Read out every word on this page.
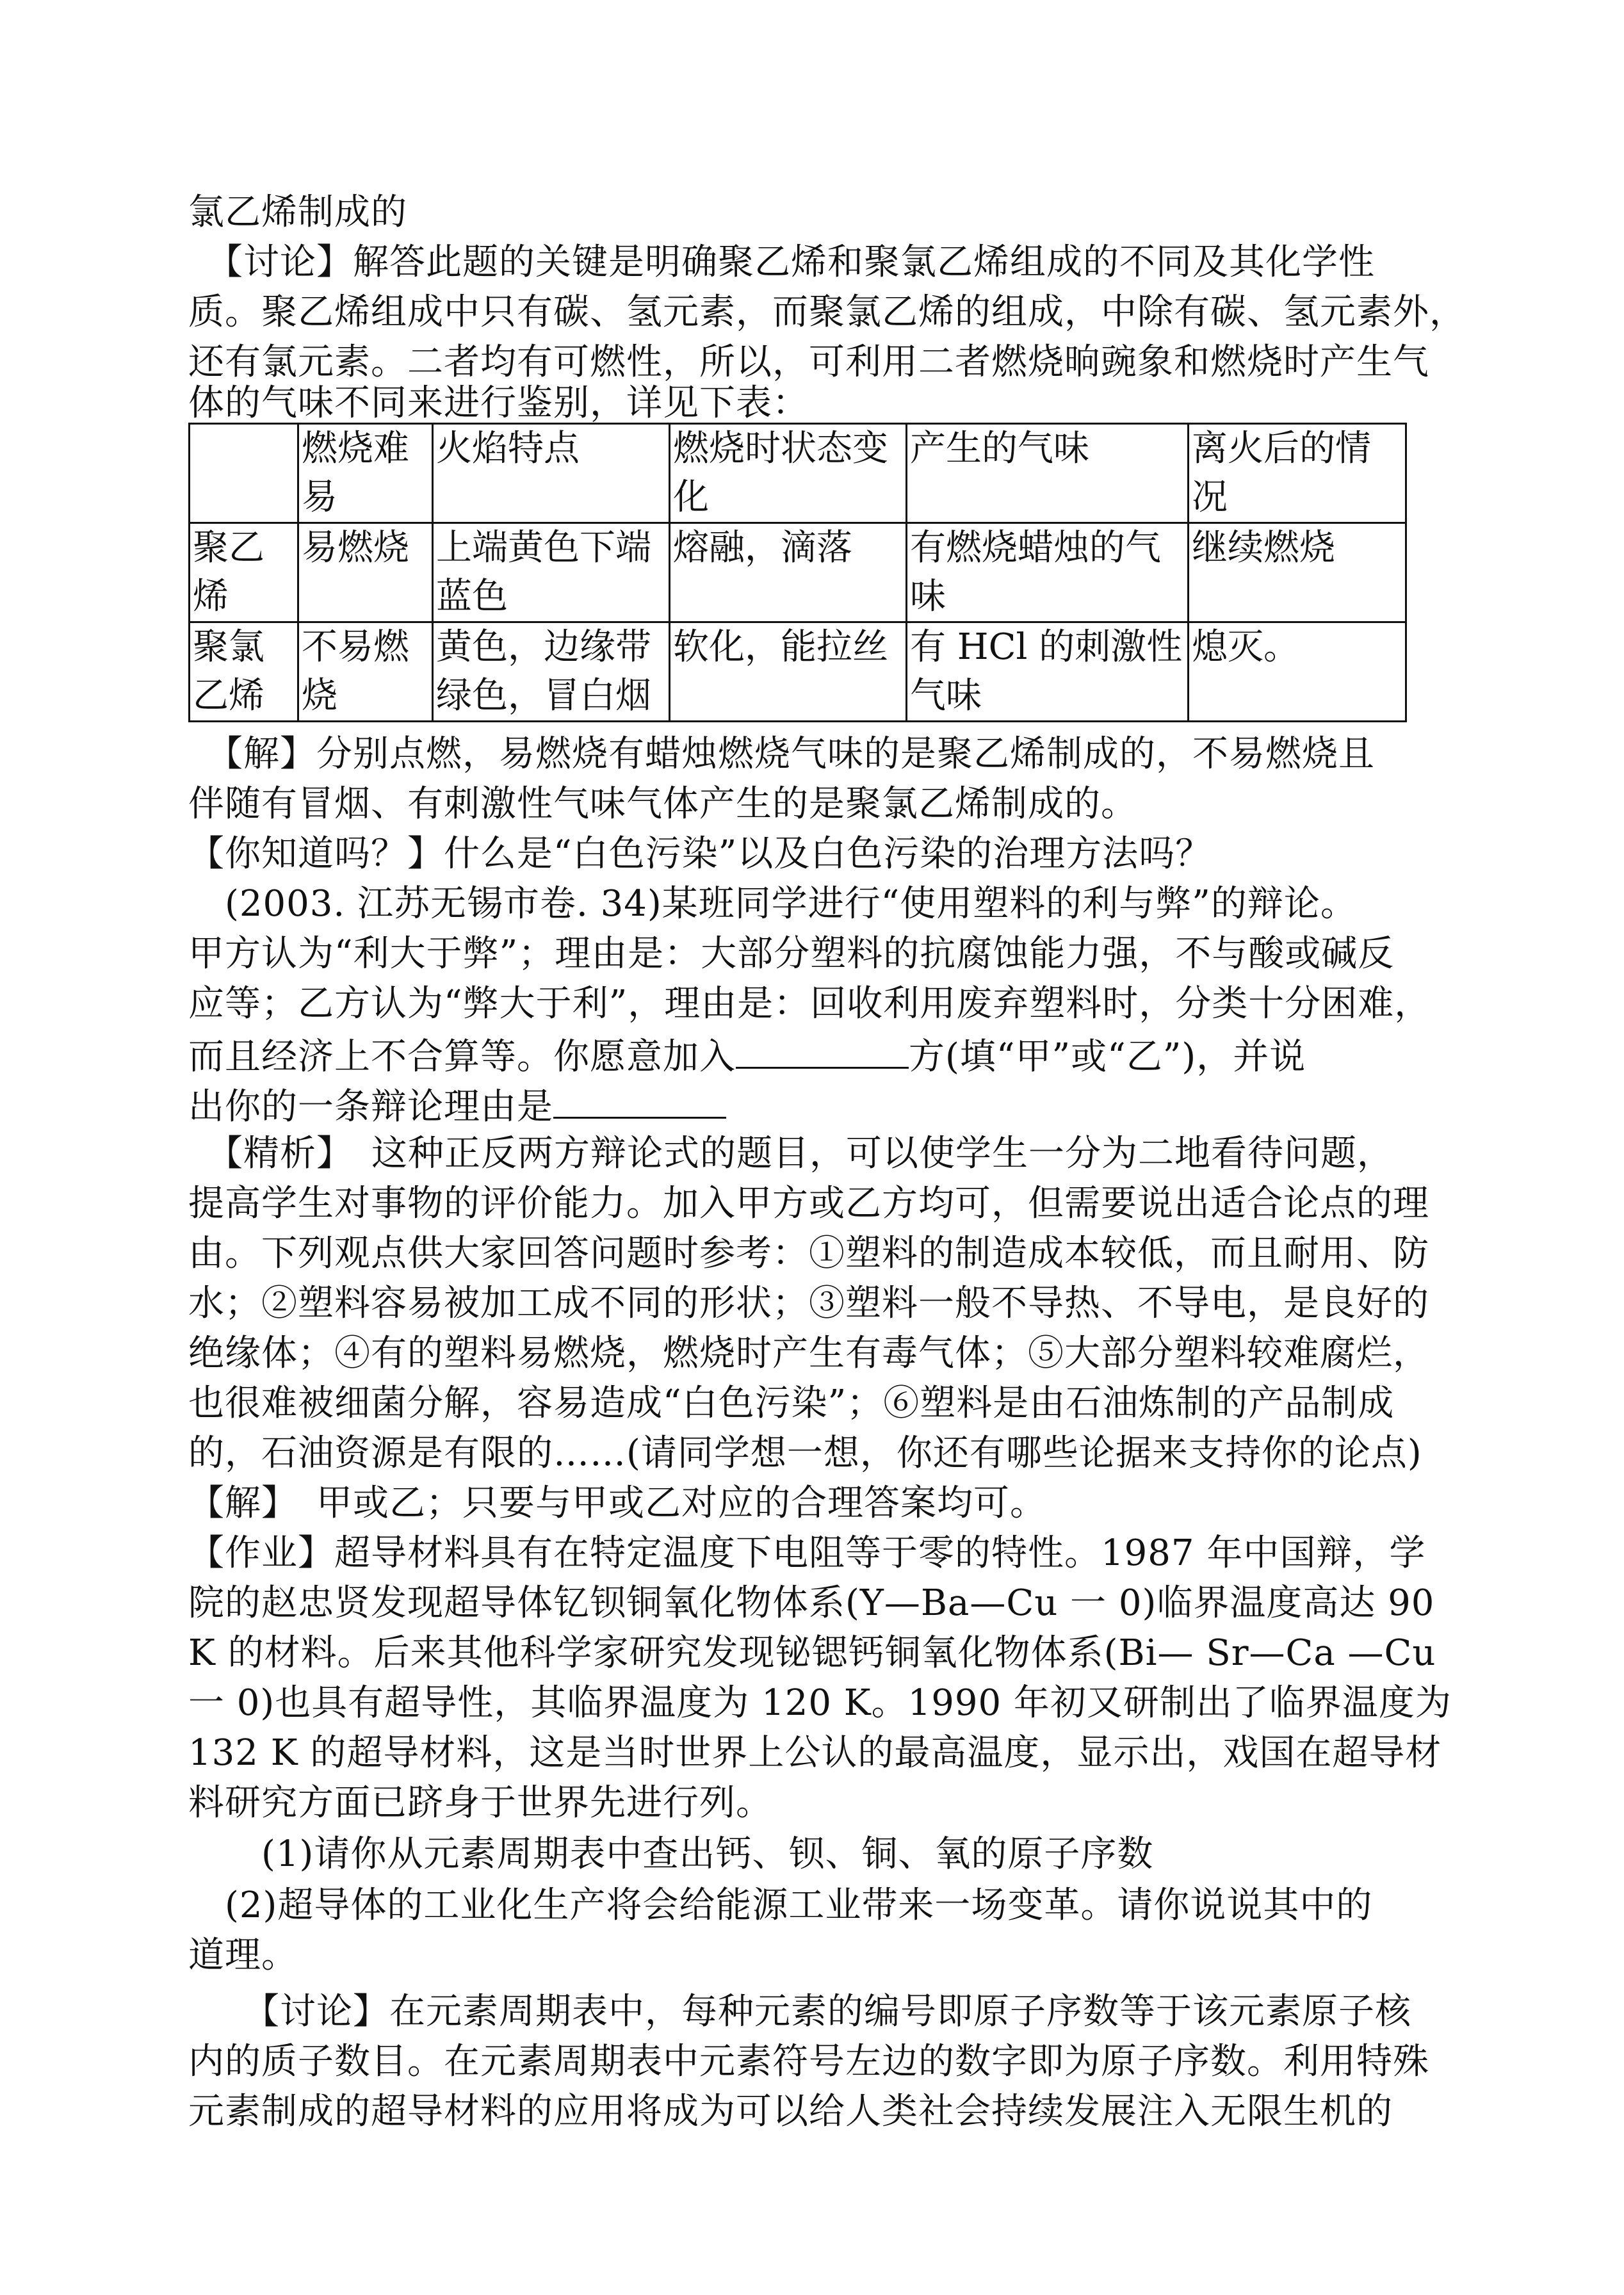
氯乙烯制成的
　【讨论】解答此题的关键是明确聚乙烯和聚氯乙烯组成的不同及其化学性
质。聚乙烯组成中只有碳、氢元素，而聚氯乙烯的组成，中除有碳、氢元素外，
还有氯元素。二者均有可燃性，所以，可利用二者燃烧晌豌象和燃烧时产生气
体的气味不同来进行鉴别，详见下表：
	燃烧难易	火焰特点	燃烧时状态变化	产生的气味	离火后的情况
聚乙烯	易燃烧	上端黄色下端蓝色	熔融，滴落	有燃烧蜡烛的气味	继续燃烧
聚氯乙烯	不易燃烧	黄色，边缘带绿色，冒白烟	软化，能拉丝	有 HCl 的刺激性气味	熄灭。
　【解】分别点燃，易燃烧有蜡烛燃烧气味的是聚乙烯制成的，不易燃烧且
伴随有冒烟、有刺激性气味气体产生的是聚氯乙烯制成的。
【你知道吗？】什么是“白色污染”以及白色污染的治理方法吗？
　(2003. 江苏无锡市卷. 34)某班同学进行“使用塑料的利与弊”的辩论。
甲方认为“利大于弊”；理由是：大部分塑料的抗腐蚀能力强，不与酸或碱反
应等；乙方认为“弊大于利”，理由是：回收利用废弃塑料时，分类十分困难，
而且经济上不合算等。你愿意加入	方(填“甲”或“乙”)，并说
出你的一条辩论理由是
　【精析】　这种正反两方辩论式的题目，可以使学生一分为二地看待问题，
提高学生对事物的评价能力。加入甲方或乙方均可，但需要说出适合论点的理
由。下列观点供大家回答问题时参考：①塑料的制造成本较低，而且耐用、防
水；②塑料容易被加工成不同的形状；③塑料一般不导热、不导电，是良好的
绝缘体；④有的塑料易燃烧，燃烧时产生有毒气体；⑤大部分塑料较难腐烂，
也很难被细菌分解，容易造成“白色污染”；⑥塑料是由石油炼制的产品制成
的，石油资源是有限的……(请同学想一想，你还有哪些论据来支持你的论点)
【解】　甲或乙；只要与甲或乙对应的合理答案均可。
【作业】超导材料具有在特定温度下电阻等于零的特性。1987 年中国辩，学
院的赵忠贤发现超导体钇钡铜氧化物体系(Y—Ba—Cu 一 0)临界温度高达 90
K 的材料。后来其他科学家研究发现铋锶钙铜氧化物体系(Bi— Sr—Ca —Cu
一 0)也具有超导性，其临界温度为 120 K。1990 年初又研制出了临界温度为
132 K 的超导材料，这是当时世界上公认的最高温度，显示出，戏国在超导材
料研究方面已跻身于世界先进行列。
　　(1)请你从元素周期表中查出钙、钡、铜、氧的原子序数
　(2)超导体的工业化生产将会给能源工业带来一场变革。请你说说其中的
道理。
　　【讨论】在元素周期表中，每种元素的编号即原子序数等于该元素原子核
内的质子数目。在元素周期表中元素符号左边的数字即为原子序数。利用特殊
元素制成的超导材料的应用将成为可以给人类社会持续发展注入无限生机的
